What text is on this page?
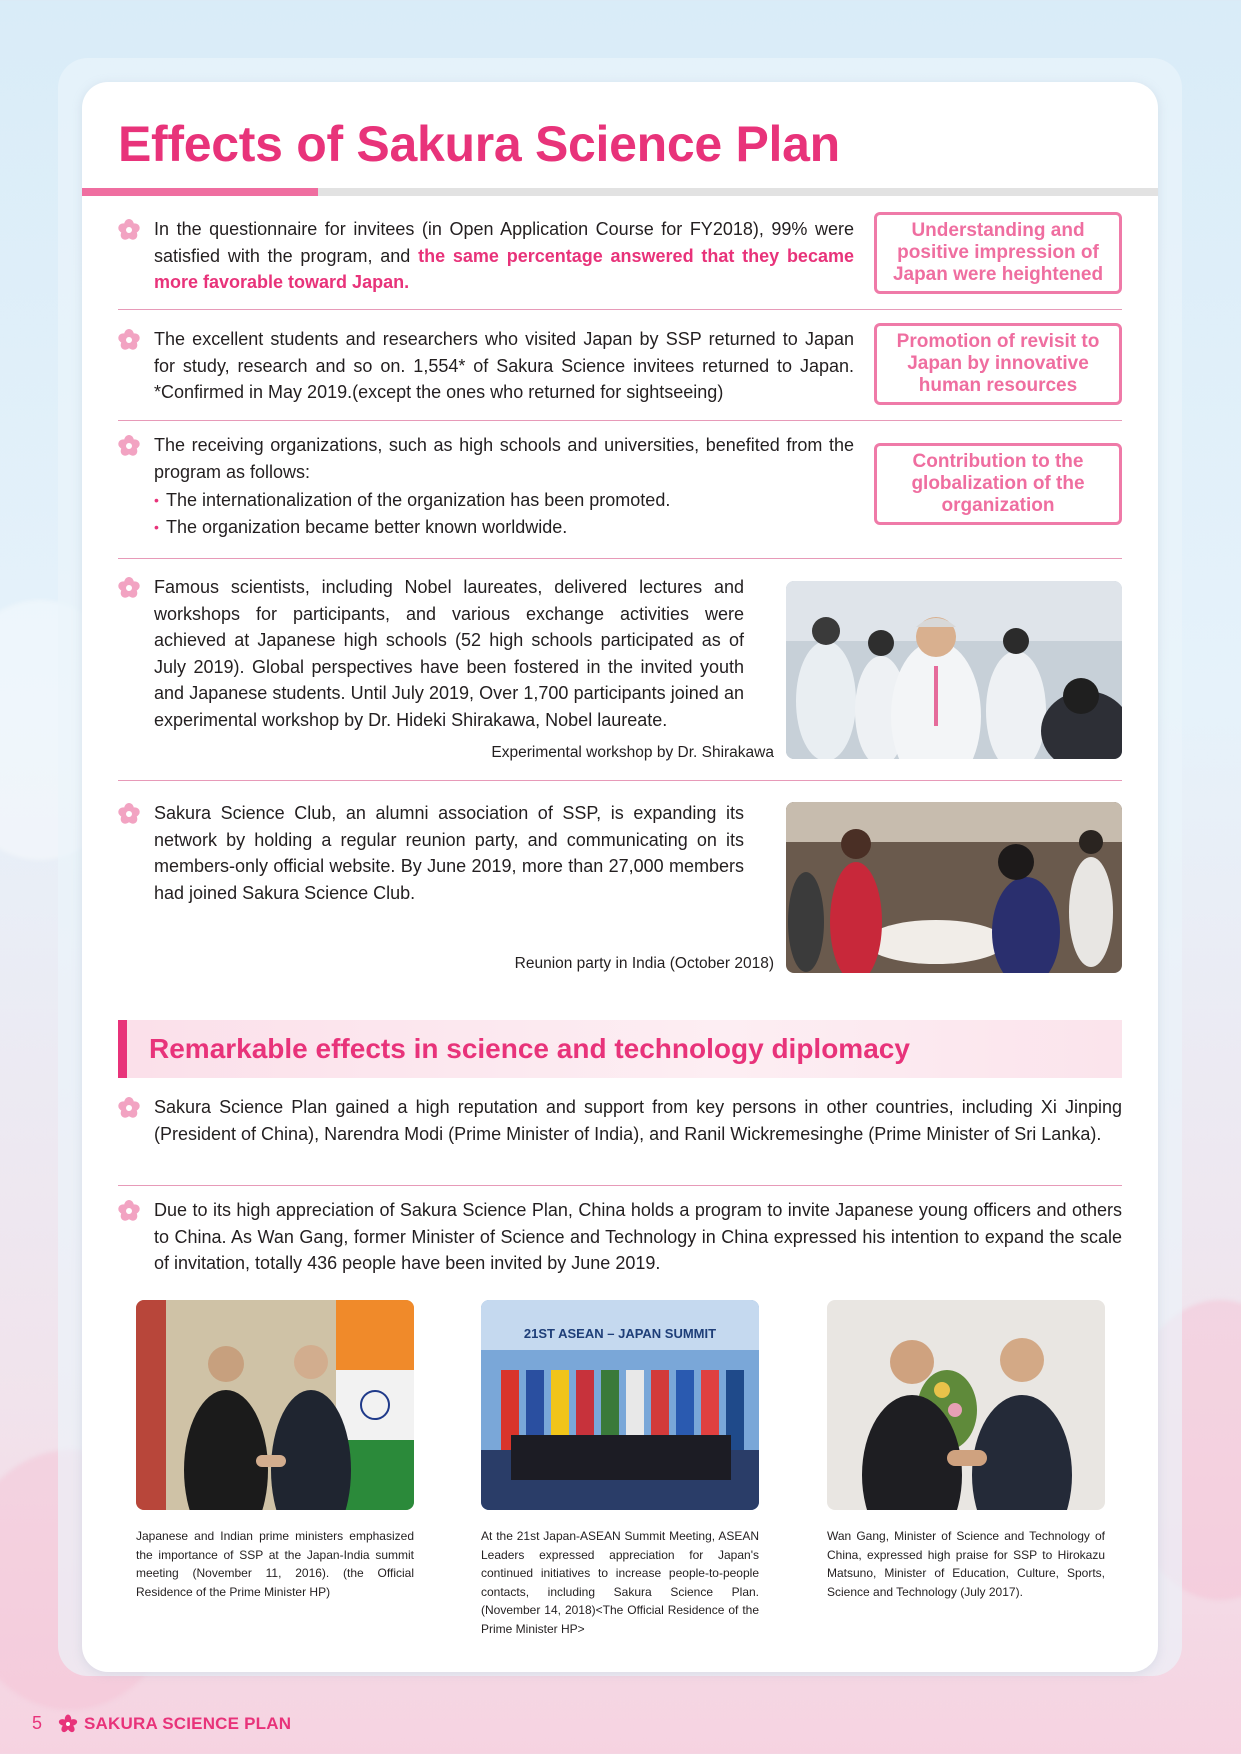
Effects of Sakura Science Plan

In the questionnaire for invitees (in Open Application Course for FY2018), 99% were satisfied with the program, and the same percentage answered that they became more favorable toward Japan.

Understanding and positive impression of Japan were heightened

The excellent students and researchers who visited Japan by SSP returned to Japan for study, research and so on. 1,554* of Sakura Science invitees returned to Japan. *Confirmed in May 2019.(except the ones who returned for sightseeing)

Promotion of revisit to Japan by innovative human resources

The receiving organizations, such as high schools and universities, benefited from the program as follows:

• The internationalization of the organization has been promoted.

• The organization became better known worldwide.

Contribution to the globalization of the organization

Famous scientists, including Nobel laureates, delivered lectures and workshops for participants, and various exchange activities were achieved at Japanese high schools (52 high schools participated as of July 2019). Global perspectives have been fostered in the invited youth and Japanese students. Until July 2019, Over 1,700 participants joined an experimental workshop by Dr. Hideki Shirakawa, Nobel laureate.

Experimental workshop by Dr. Shirakawa

Sakura Science Club, an alumni association of SSP, is expanding its network by holding a regular reunion party, and communicating on its members-only official website. By June 2019, more than 27,000 members had joined Sakura Science Club.

Reunion party in India (October 2018)
Remarkable effects in science and technology diplomacy

Sakura Science Plan gained a high reputation and support from key persons in other countries, including Xi Jinping (President of China), Narendra Modi (Prime Minister of India), and Ranil Wickremesinghe (Prime Minister of Sri Lanka).

Due to its high appreciation of Sakura Science Plan, China holds a program to invite Japanese young officers and others to China. As Wan Gang, former Minister of Science and Technology in China expressed his intention to expand the scale of invitation, totally 436 people have been invited by June 2019.

21ST ASEAN – JAPAN SUMMIT

Japanese and Indian prime ministers emphasized the importance of SSP at the Japan-India summit meeting (November 11, 2016). (the Official Residence of the Prime Minister HP)

At the 21st Japan-ASEAN Summit Meeting, ASEAN Leaders expressed appreciation for Japan's continued initiatives to increase people-to-people contacts, including Sakura Science Plan. (November 14, 2018)<The Official Residence of the Prime Minister HP>

Wan Gang, Minister of Science and Technology of China, expressed high praise for SSP to Hirokazu Matsuno, Minister of Education, Culture, Sports, Science and Technology (July 2017).

5 SAKURA SCIENCE PLAN
